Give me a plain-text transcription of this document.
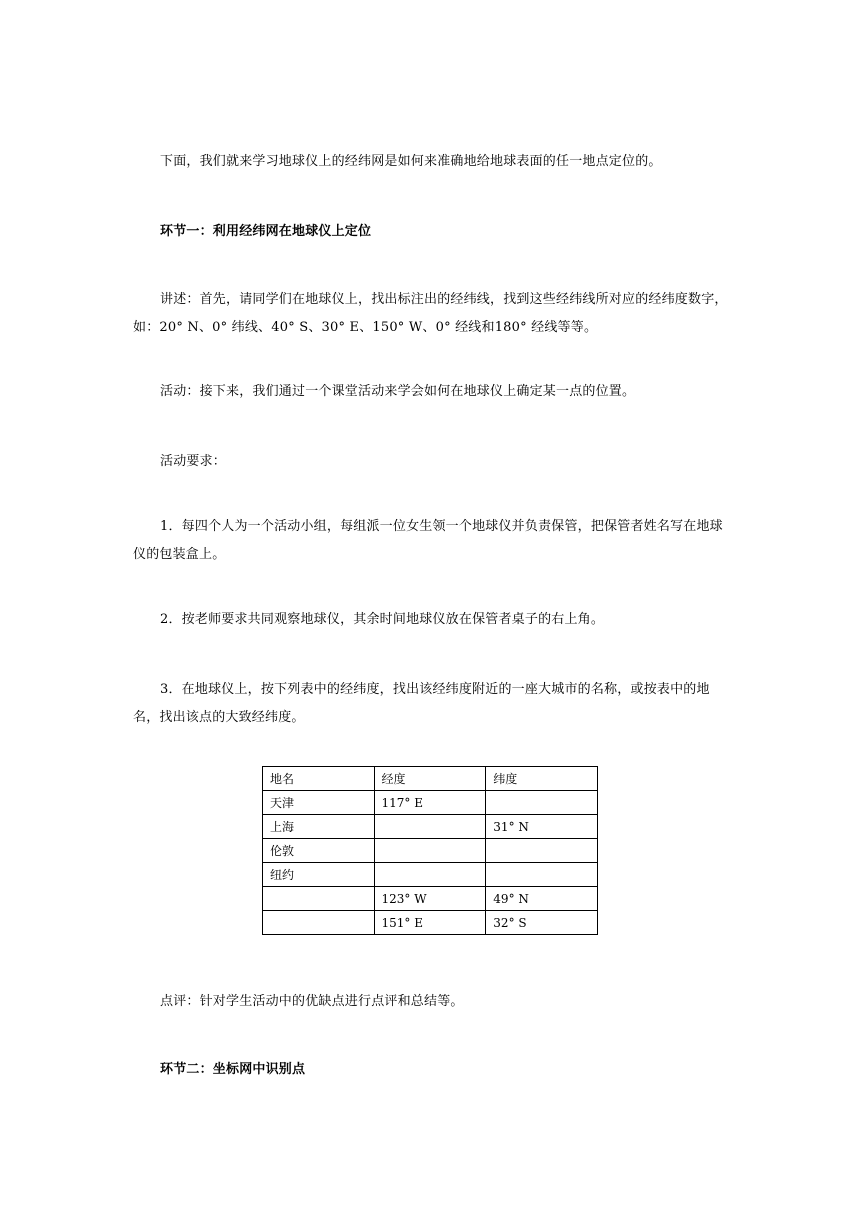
下面，我们就来学习地球仪上的经纬网是如何来准确地给地球表面的任一地点定位的。

环节一：利用经纬网在地球仪上定位

讲述：首先，请同学们在地球仪上，找出标注出的经纬线，找到这些经纬线所对应的经纬度数字，如：20° N、0° 纬线、40° S、30° E、150° W、0° 经线和180° 经线等等。

活动：接下来，我们通过一个课堂活动来学会如何在地球仪上确定某一点的位置。

活动要求：

1．每四个人为一个活动小组，每组派一位女生领一个地球仪并负责保管，把保管者姓名写在地球仪的包装盒上。

2．按老师要求共同观察地球仪，其余时间地球仪放在保管者桌子的右上角。

3．在地球仪上，按下列表中的经纬度，找出该经纬度附近的一座大城市的名称，或按表中的地名，找出该点的大致经纬度。

地名	经度	纬度
天津	117° E	
上海		31° N
伦敦		
纽约		
	123° W	49° N
	151° E	32° S

点评：针对学生活动中的优缺点进行点评和总结等。

环节二：坐标网中识别点
